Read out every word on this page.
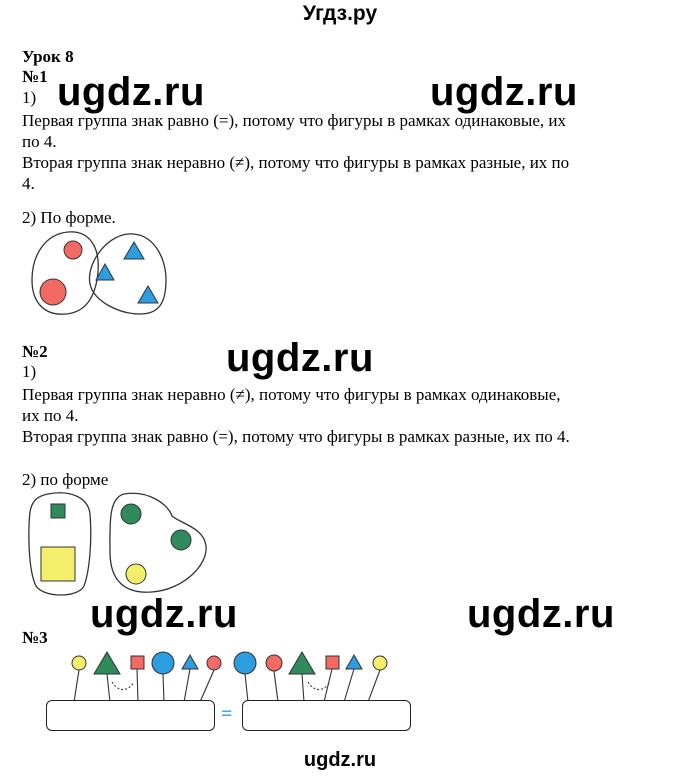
Угдз.ру
ugdz.ru	ugdz.ru
ugdz.ru
ugdz.ru	ugdz.ru
Урок 8
№1
1)
Первая группа знак равно (=), потому что фигуры в рамках одинаковые, их
по 4.
Вторая группа знак неравно (≠), потому что фигуры в рамках разные, их по
4.
2) По форме.
№2
1)
Первая группа знак неравно (≠), потому что фигуры в рамках одинаковые,
их по 4.
Вторая группа знак равно (=), потому что фигуры в рамках разные, их по 4.
2) по форме
№3
=
ugdz.ru
